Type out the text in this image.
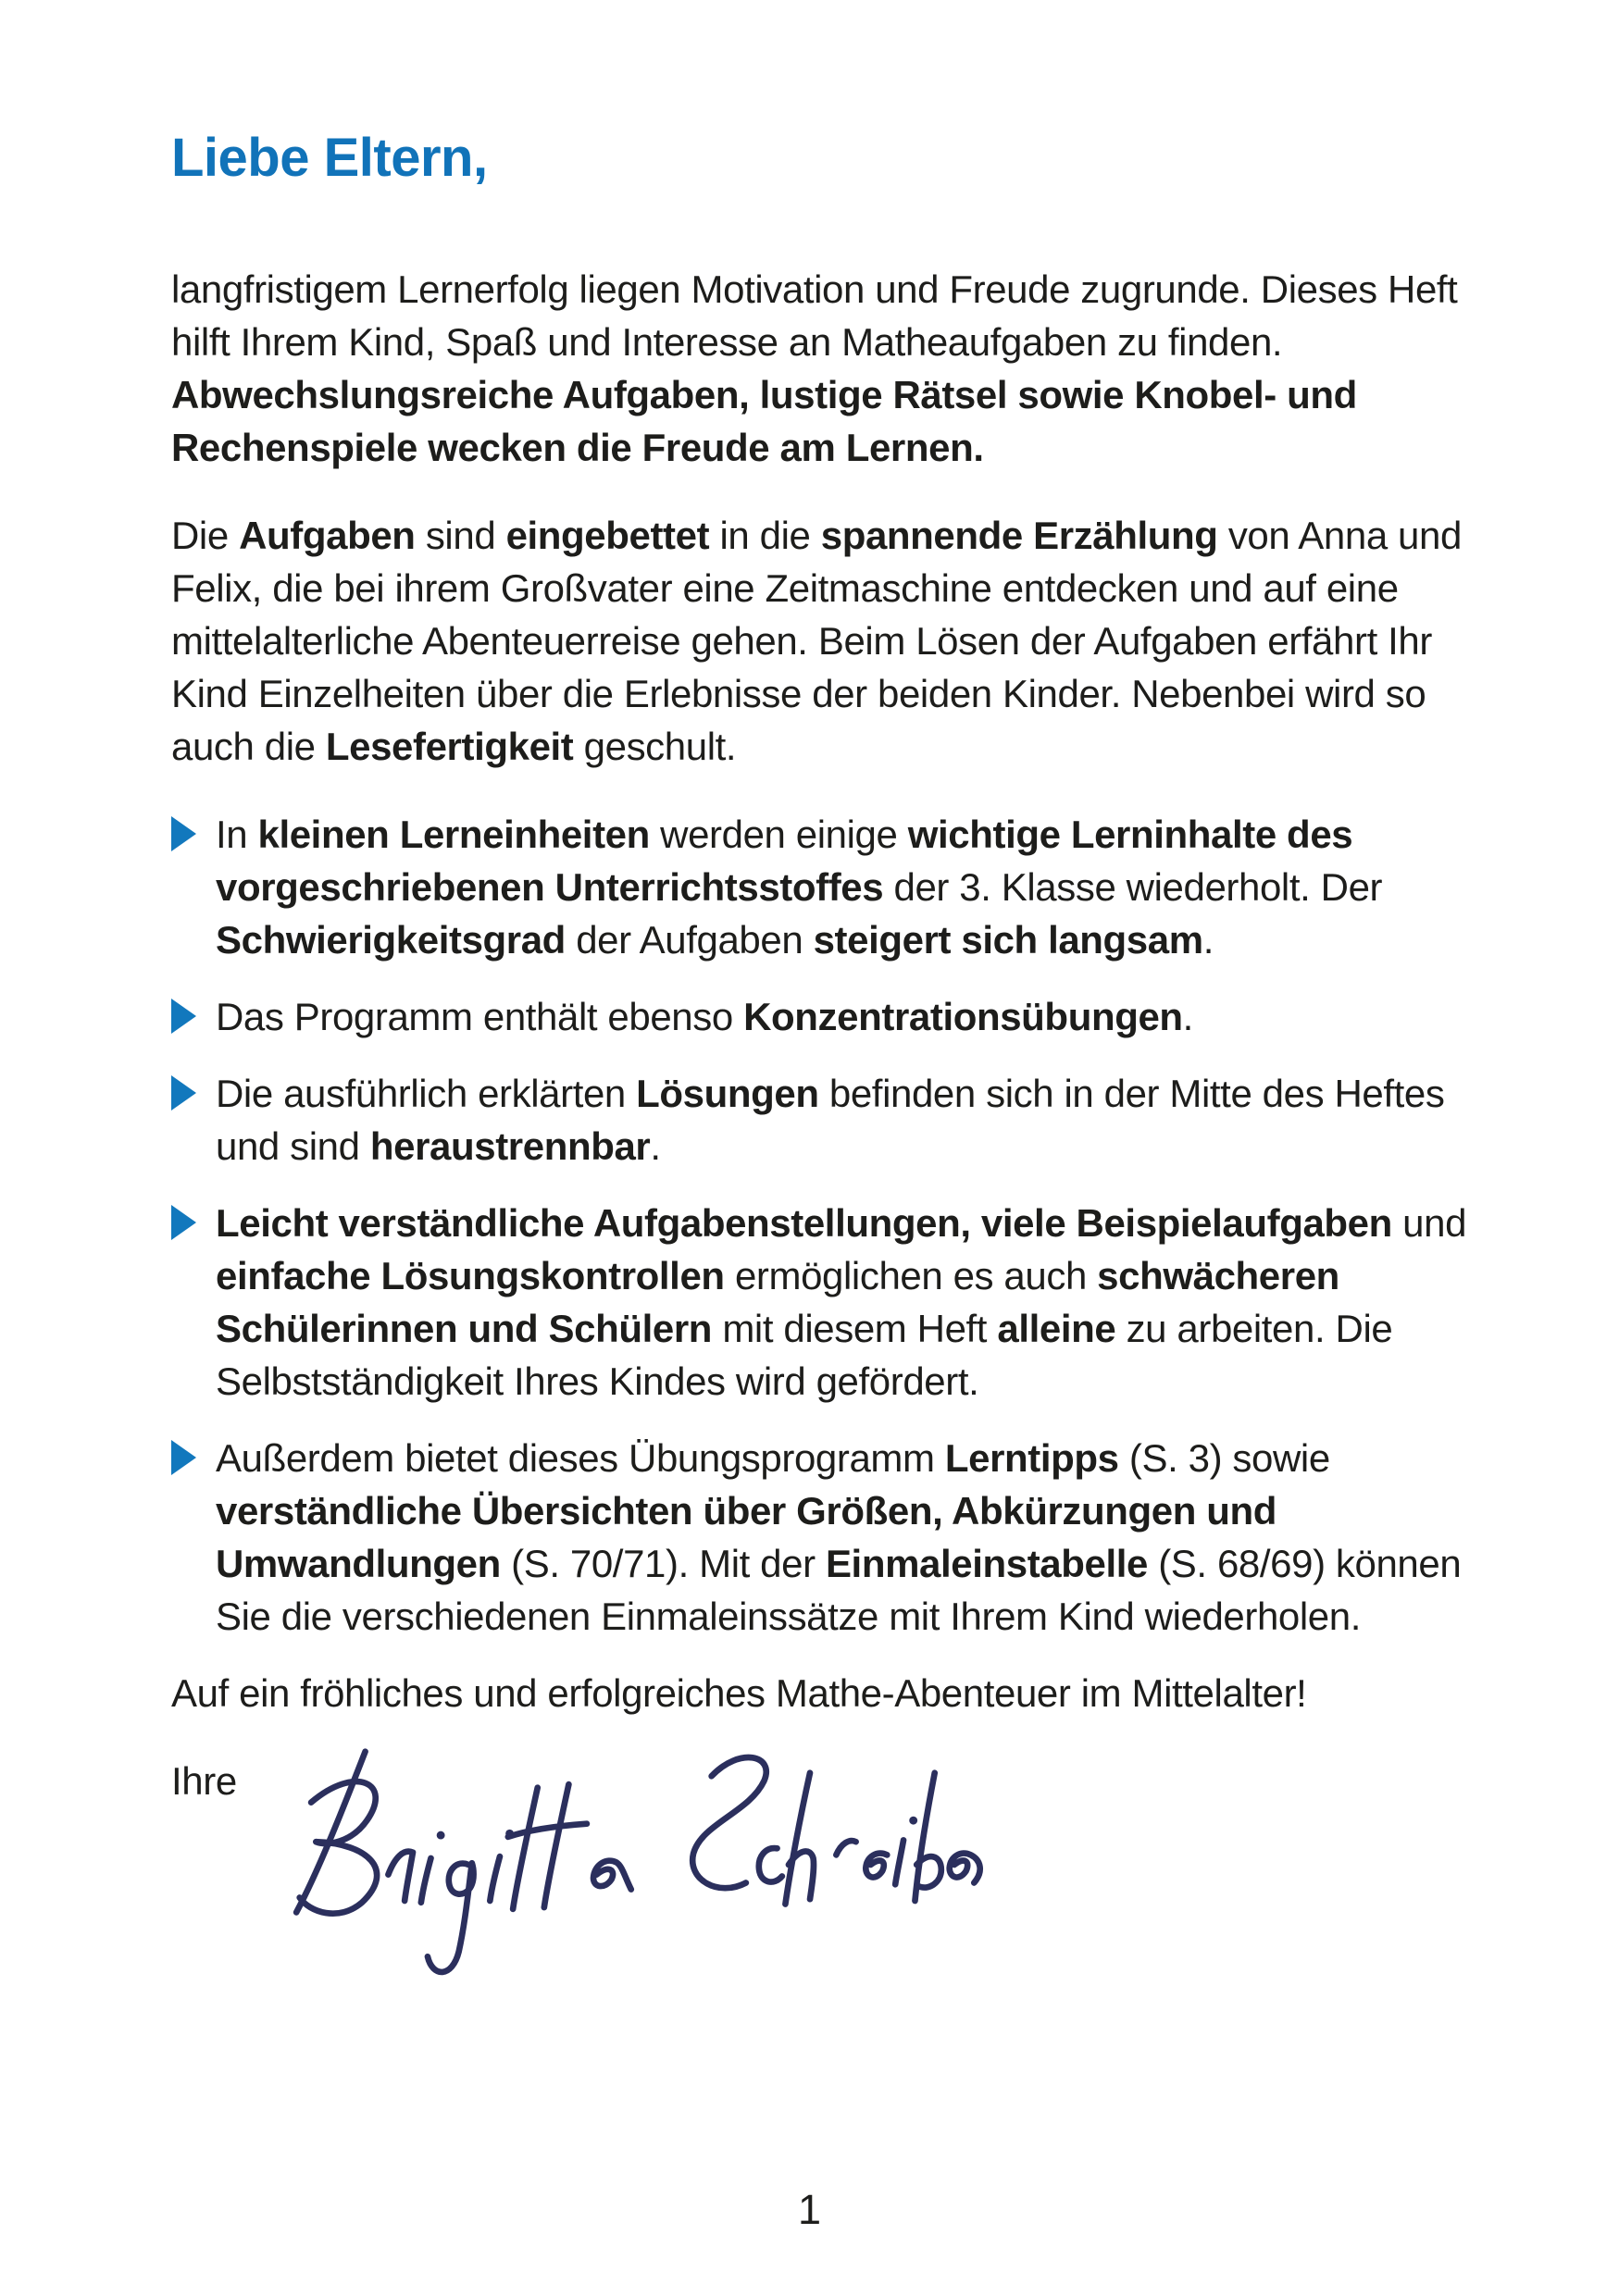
Liebe Eltern,
langfristigem Lernerfolg liegen Motivation und Freude zugrunde. Dieses Heft hilft Ihrem Kind, Spaß und Interesse an Matheaufgaben zu finden. Abwechslungsreiche Aufgaben, lustige Rätsel sowie Knobel- und Rechenspiele wecken die Freude am Lernen.
Die Aufgaben sind eingebettet in die spannende Erzählung von Anna und Felix, die bei ihrem Großvater eine Zeitmaschine entdecken und auf eine mittelalterliche Abenteuerreise gehen. Beim Lösen der Aufgaben erfährt Ihr Kind Einzelheiten über die Erlebnisse der beiden Kinder. Nebenbei wird so auch die Lesefertigkeit geschult.
In kleinen Lerneinheiten werden einige wichtige Lerninhalte des vorgeschriebenen Unterrichtsstoffes der 3. Klasse wiederholt. Der Schwierigkeitsgrad der Aufgaben steigert sich langsam.
Das Programm enthält ebenso Konzentrationsübungen.
Die ausführlich erklärten Lösungen befinden sich in der Mitte des Heftes und sind heraustrennbar.
Leicht verständliche Aufgabenstellungen, viele Beispielaufgaben und einfache Lösungskontrollen ermöglichen es auch schwächeren Schülerinnen und Schülern mit diesem Heft alleine zu arbeiten. Die Selbstständigkeit Ihres Kindes wird gefördert.
Außerdem bietet dieses Übungsprogramm Lerntipps (S. 3) sowie verständliche Übersichten über Größen, Abkürzungen und Umwandlungen (S. 70/71). Mit der Einmaleinstabelle (S. 68/69) können Sie die verschiedenen Einmaleinssätze mit Ihrem Kind wiederholen.
Auf ein fröhliches und erfolgreiches Mathe-Abenteuer im Mittelalter!
Ihre
1
